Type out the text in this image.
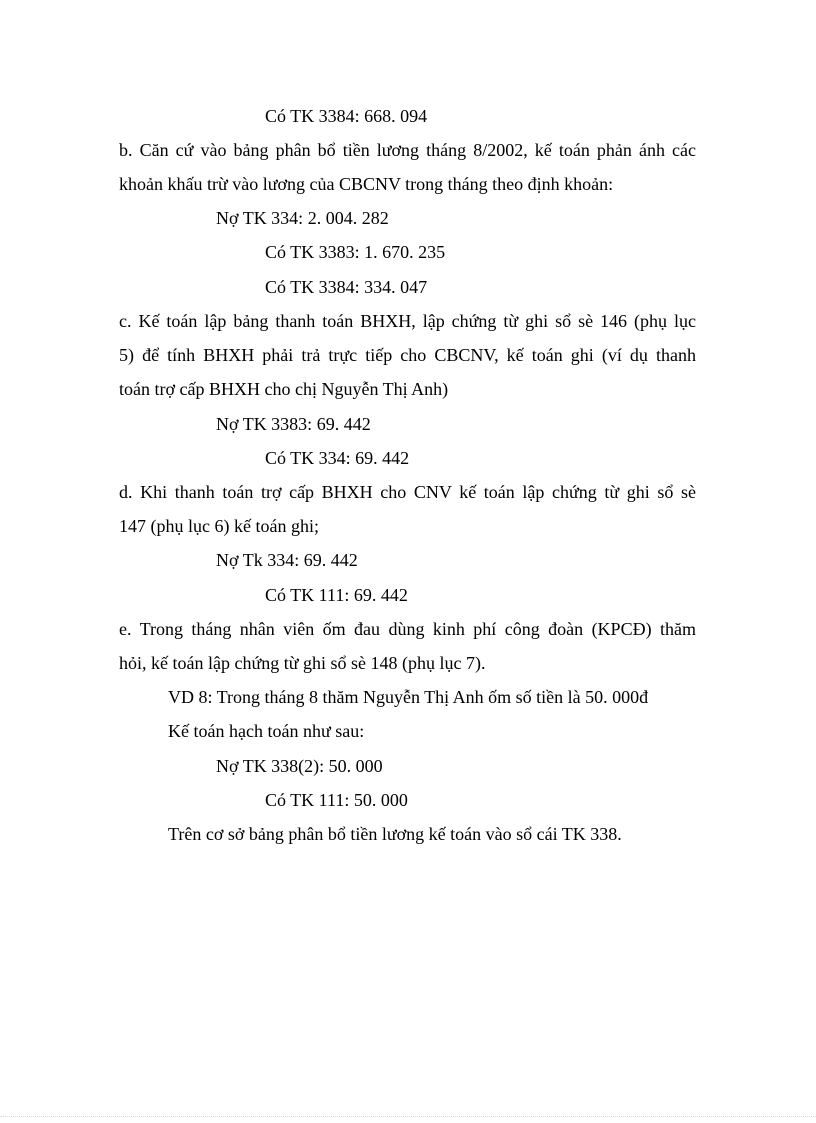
Có TK 3384: 668. 094
b. Căn cứ vào bảng phân bổ tiền lương tháng 8/2002, kế toán phản ánh các
khoản khấu trừ vào lương của CBCNV trong tháng theo định khoản:
Nợ TK 334: 2. 004. 282
Có TK 3383: 1. 670. 235
Có TK 3384: 334. 047
c. Kế toán lập bảng thanh toán BHXH, lập chứng từ ghi sổ sè 146 (phụ lục
5) để tính BHXH phải trả trực tiếp cho CBCNV, kế toán ghi (ví dụ thanh
toán trợ cấp BHXH cho chị Nguyễn Thị Anh)
Nợ TK 3383: 69. 442
Có TK 334: 69. 442
d. Khi thanh toán trợ cấp BHXH cho CNV kế toán lập chứng từ ghi sổ sè
147 (phụ lục 6) kế toán ghi;
Nợ Tk 334: 69. 442
Có TK 111: 69. 442
e. Trong tháng nhân viên ốm đau dùng kinh phí công đoàn (KPCĐ) thăm
hỏi, kế toán lập chứng từ ghi sổ sè 148 (phụ lục 7).
VD 8: Trong tháng 8 thăm Nguyễn Thị Anh ốm số tiền là 50. 000đ
Kế toán hạch toán như sau:
Nợ TK 338(2): 50. 000
Có TK 111: 50. 000
Trên cơ sở bảng phân bổ tiền lương kế toán vào sổ cái TK 338.
